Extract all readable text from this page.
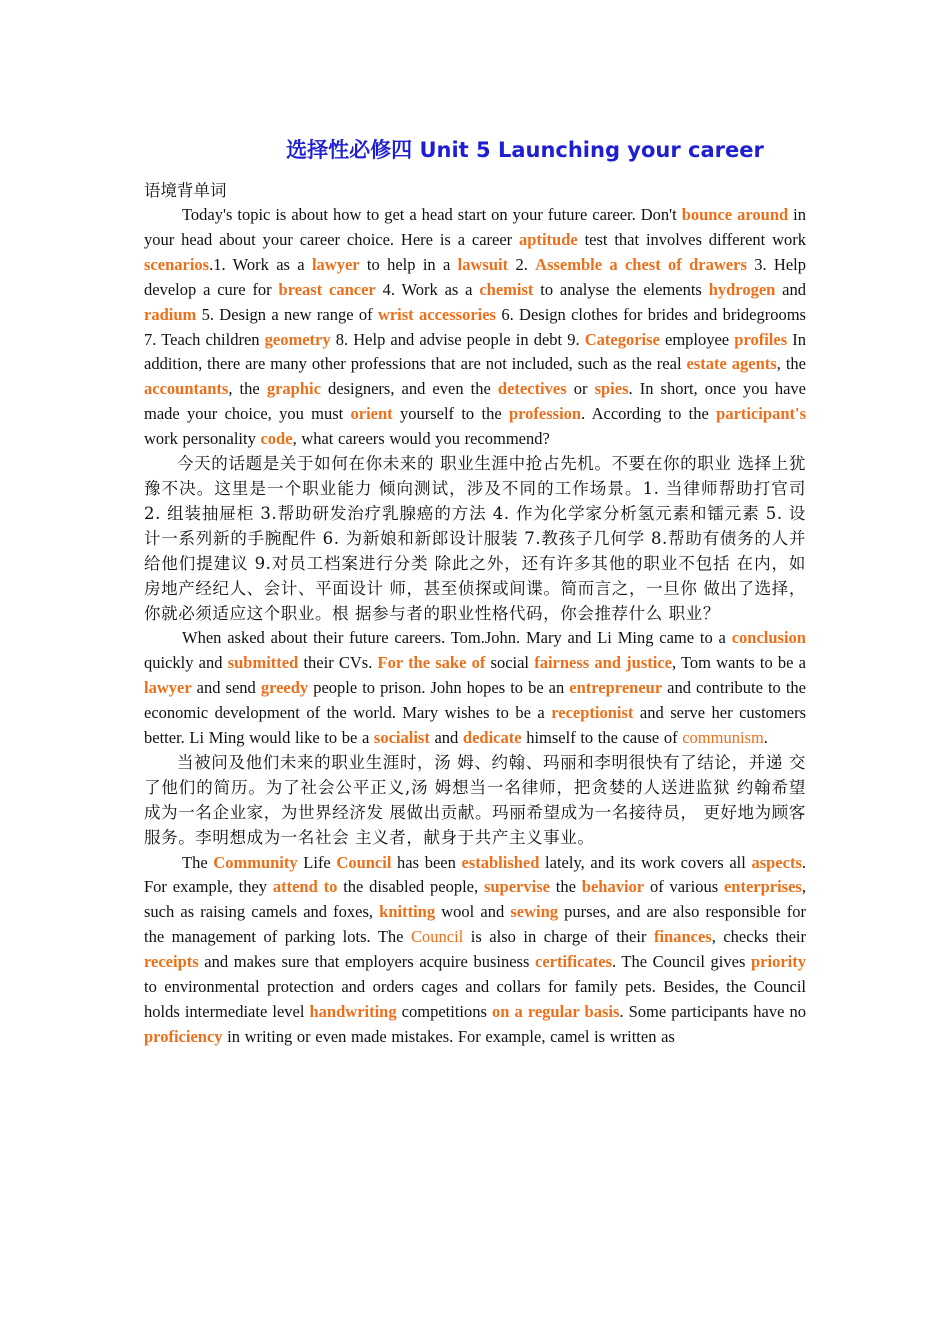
选择性必修四 Unit 5 Launching your career

语境背单词

Today's topic is about how to get a head start on your future career. Don't bounce around in your head about your career choice. Here is a career aptitude test that involves different work scenarios.1. Work as a lawyer to help in a lawsuit 2. Assemble a chest of drawers 3. Help develop a cure for breast cancer 4. Work as a chemist to analyse the elements hydrogen and radium 5. Design a new range of wrist accessories 6. Design clothes for brides and bridegrooms 7. Teach children geometry 8. Help and advise people in debt 9. Categorise employee profiles In addition, there are many other professions that are not included, such as the real estate agents, the accountants, the graphic designers, and even the detectives or spies. In short, once you have made your choice, you must orient yourself to the profession. According to the participant's work personality code, what careers would you recommend?

今天的话题是关于如何在你未来的 职业生涯中抢占先机。不要在你的职业 选择上犹豫不决。这里是一个职业能力 倾向测试，涉及不同的工作场景。1. 当律师帮助打官司 2. 组装抽屉柜 3.帮助研发治疗乳腺癌的方法 4. 作为化学家分析氢元素和镭元素 5. 设计一系列新的手腕配件 6. 为新娘和新郎设计服装 7.教孩子几何学 8.帮助有债务的人并给他们提建议 9.对员工档案进行分类 除此之外，还有许多其他的职业不包括 在内，如房地产经纪人、会计、平面设计 师，甚至侦探或间谍。简而言之，一旦你 做出了选择，你就必须适应这个职业。根 据参与者的职业性格代码，你会推荐什么 职业？

When asked about their future careers. Tom.John. Mary and Li Ming came to a conclusion quickly and submitted their CVs. For the sake of social fairness and justice, Tom wants to be a lawyer and send greedy people to prison. John hopes to be an entrepreneur and contribute to the economic development of the world. Mary wishes to be a receptionist and serve her customers better. Li Ming would like to be a socialist and dedicate himself to the cause of communism.

当被问及他们未来的职业生涯时，汤 姆、约翰、玛丽和李明很快有了结论，并递 交了他们的简历。为了社会公平正义,汤 姆想当一名律师，把贪婪的人送进监狱 约翰希望成为一名企业家，为世界经济发 展做出贡献。玛丽希望成为一名接待员， 更好地为顾客服务。李明想成为一名社会 主义者，献身于共产主义事业。

The Community Life Council has been established lately, and its work covers all aspects. For example, they attend to the disabled people, supervise the behavior of various enterprises, such as raising camels and foxes, knitting wool and sewing purses, and are also responsible for the management of parking lots. The Council is also in charge of their finances, checks their receipts and makes sure that employers acquire business certificates. The Council gives priority to environmental protection and orders cages and collars for family pets. Besides, the Council holds intermediate level handwriting competitions on a regular basis. Some participants have no proficiency in writing or even made mistakes. For example, camel is written as
